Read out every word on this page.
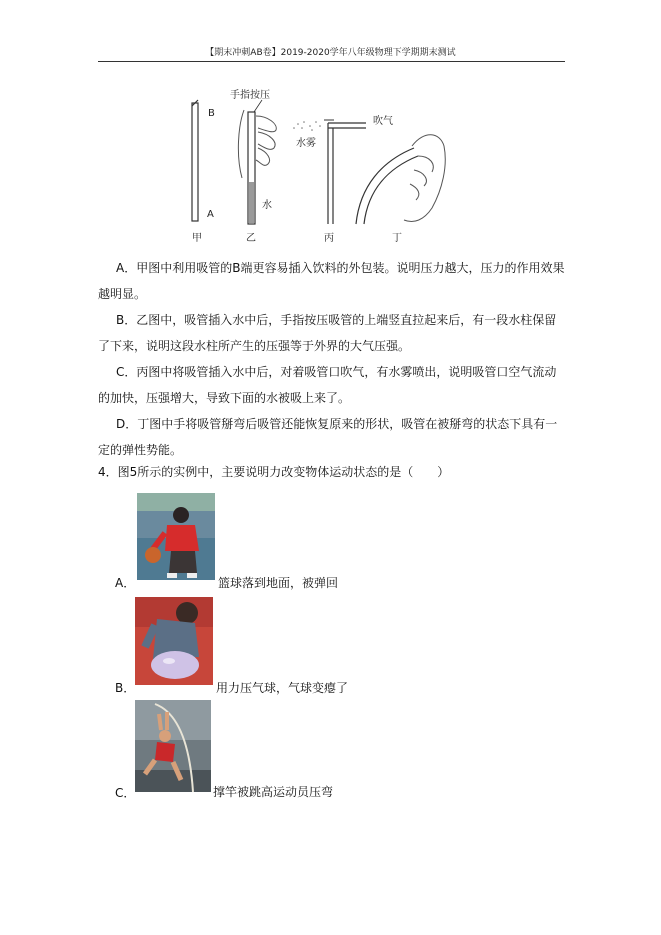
【期末冲刺AB卷】2019-2020学年八年级物理下学期期末测试
B
A
甲
手指按压
水
乙
吹气
水雾
丙	丁
A．甲图中利用吸管的B端更容易插入饮料的外包装。说明压力越大，压力的作用效果越明显。
B．乙图中，吸管插入水中后，手指按压吸管的上端竖直拉起来后，有一段水柱保留了下来，说明这段水柱所产生的压强等于外界的大气压强。
C．丙图中将吸管插入水中后，对着吸管口吹气，有水雾喷出，说明吸管口空气流动的加快，压强增大，导致下面的水被吸上来了。
D．丁图中手将吸管掰弯后吸管还能恢复原来的形状，吸管在被掰弯的状态下具有一定的弹性势能。
4．图5所示的实例中，主要说明力改变物体运动状态的是（　　）
A．	篮球落到地面，被弹回
B．	用力压气球，气球变瘪了
C．	撑竿被跳高运动员压弯
